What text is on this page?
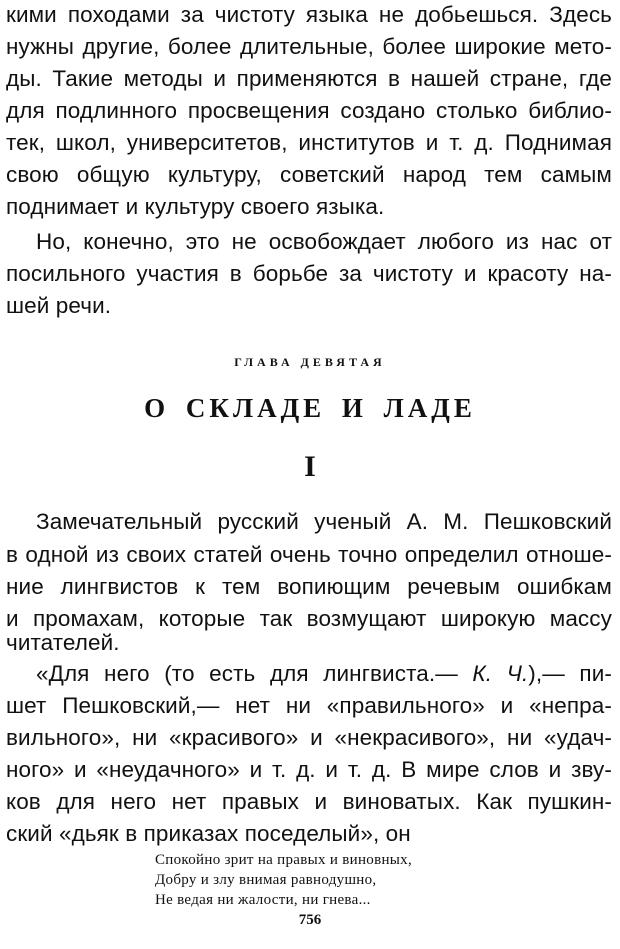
кими походами за чистоту языка не добьешься. Здесь
нужны другие, более длительные, более широкие мето-
ды. Такие методы и применяются в нашей стране, где
для подлинного просвещения создано столько библио-
тек, школ, университетов, институтов и т. д. Поднимая
свою общую культуру, советский народ тем самым
поднимает и культуру своего языка.
Но, конечно, это не освобождает любого из нас от
посильного участия в борьбе за чистоту и красоту на-
шей речи.
ГЛАВА ДЕВЯТАЯ
О СКЛАДЕ И ЛАДЕ
I
Замечательный русский ученый А. М. Пешковский
в одной из своих статей очень точно определил отноше-
ние лингвистов к тем вопиющим речевым ошибкам
и промахам, которые так возмущают широкую массу
читателей.
«Для него (то есть для лингвиста.— К. Ч.),— пи-
шет Пешковский,— нет ни «правильного» и «непра-
вильного», ни «красивого» и «некрасивого», ни «удач-
ного» и «неудачного» и т. д. и т. д. В мире слов и зву-
ков для него нет правых и виноватых. Как пушкин-
ский «дьяк в приказах поседелый», он
Спокойно зрит на правых и виновных,
Добру и злу внимая равнодушно,
Не ведая ни жалости, ни гнева...
756
